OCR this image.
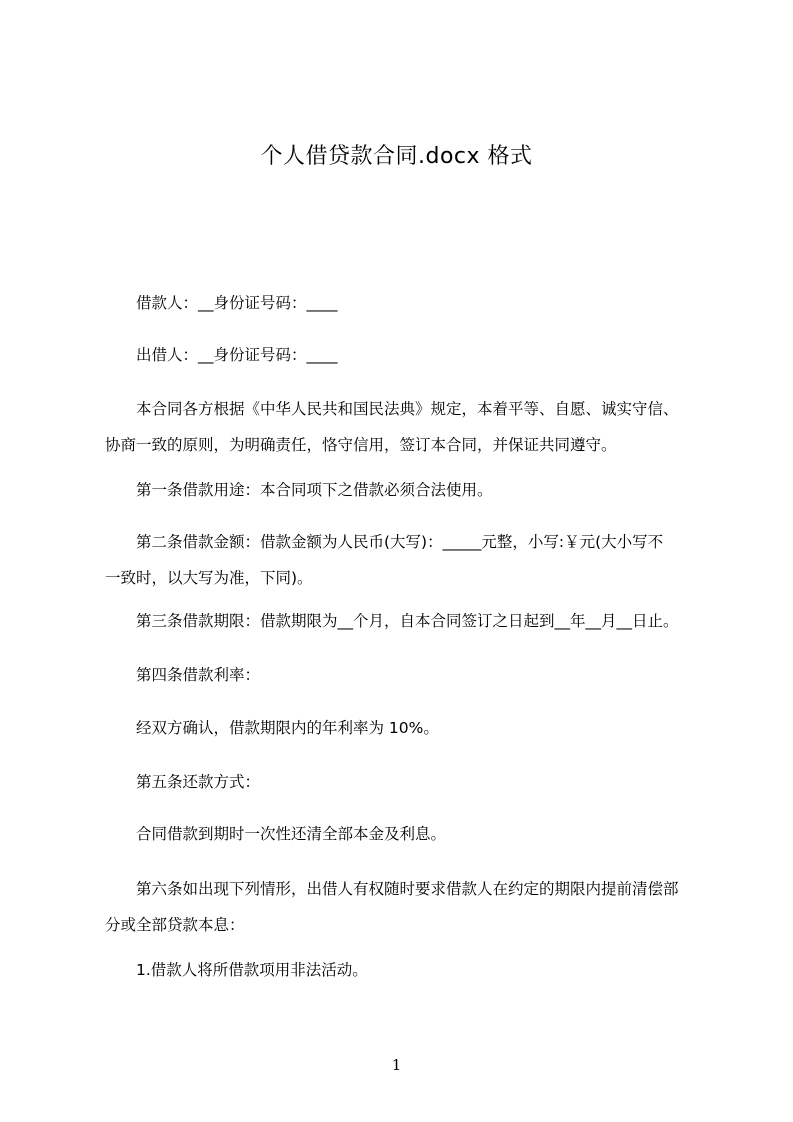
个人借贷款合同.docx 格式
借款人：__身份证号码：____
出借人：__身份证号码：____
本合同各方根据《中华人民共和国民法典》规定，本着平等、自愿、诚实守信、
协商一致的原则，为明确责任，恪守信用，签订本合同，并保证共同遵守。
第一条借款用途：本合同项下之借款必须合法使用。
第二条借款金额：借款金额为人民币(大写)：_____元整，小写:￥元(大小写不
一致时，以大写为准，下同)。
第三条借款期限：借款期限为__个月，自本合同签订之日起到__年__月__日止。
第四条借款利率：
经双方确认，借款期限内的年利率为 10%。
第五条还款方式：
合同借款到期时一次性还清全部本金及利息。
第六条如出现下列情形，出借人有权随时要求借款人在约定的期限内提前清偿部
分或全部贷款本息：
1.借款人将所借款项用非法活动。
1
